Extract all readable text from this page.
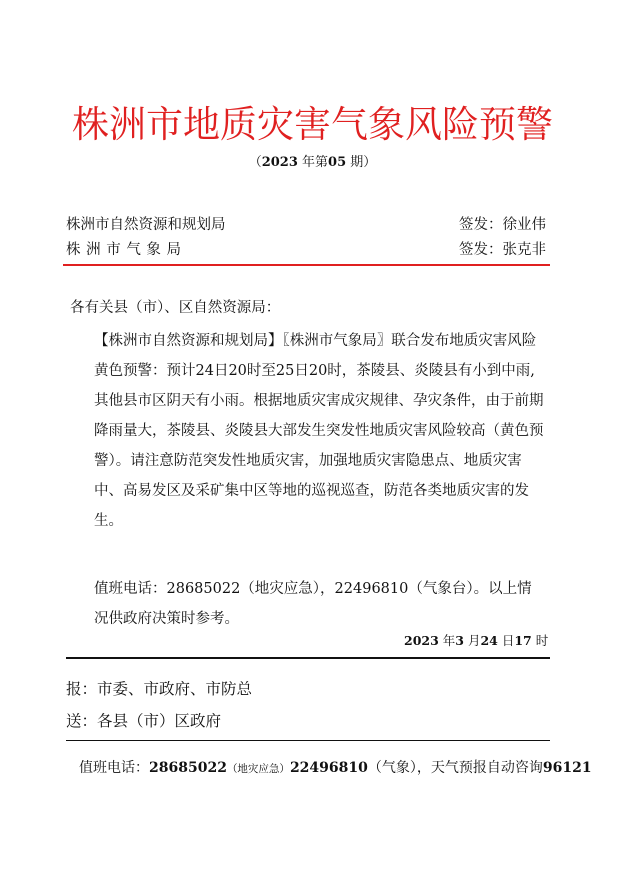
株洲市地质灾害气象风险预警
（2023 年第05 期）
株洲市自然资源和规划局	签发：徐业伟
株 洲 市 气 象 局	签发：张克非
各有关县（市）、区自然资源局：

【株洲市自然资源和规划局】〖株洲市气象局〗联合发布地质灾害风险黄色预警：预计24日20时至25日20时，茶陵县、炎陵县有小到中雨,其他县市区阴天有小雨。根据地质灾害成灾规律、孕灾条件，由于前期降雨量大，茶陵县、炎陵县大部发生突发性地质灾害风险较高（黄色预警）。请注意防范突发性地质灾害，加强地质灾害隐患点、地质灾害中、高易发区及采矿集中区等地的巡视巡查，防范各类地质灾害的发生。

值班电话：28685022（地灾应急），22496810（气象台）。以上情况供政府决策时参考。

2023 年3 月24 日17 时
报：市委、市政府、市防总
送：各县（市）区政府
值班电话：28685022（地灾应急）22496810（气象），天气预报自动咨询96121
